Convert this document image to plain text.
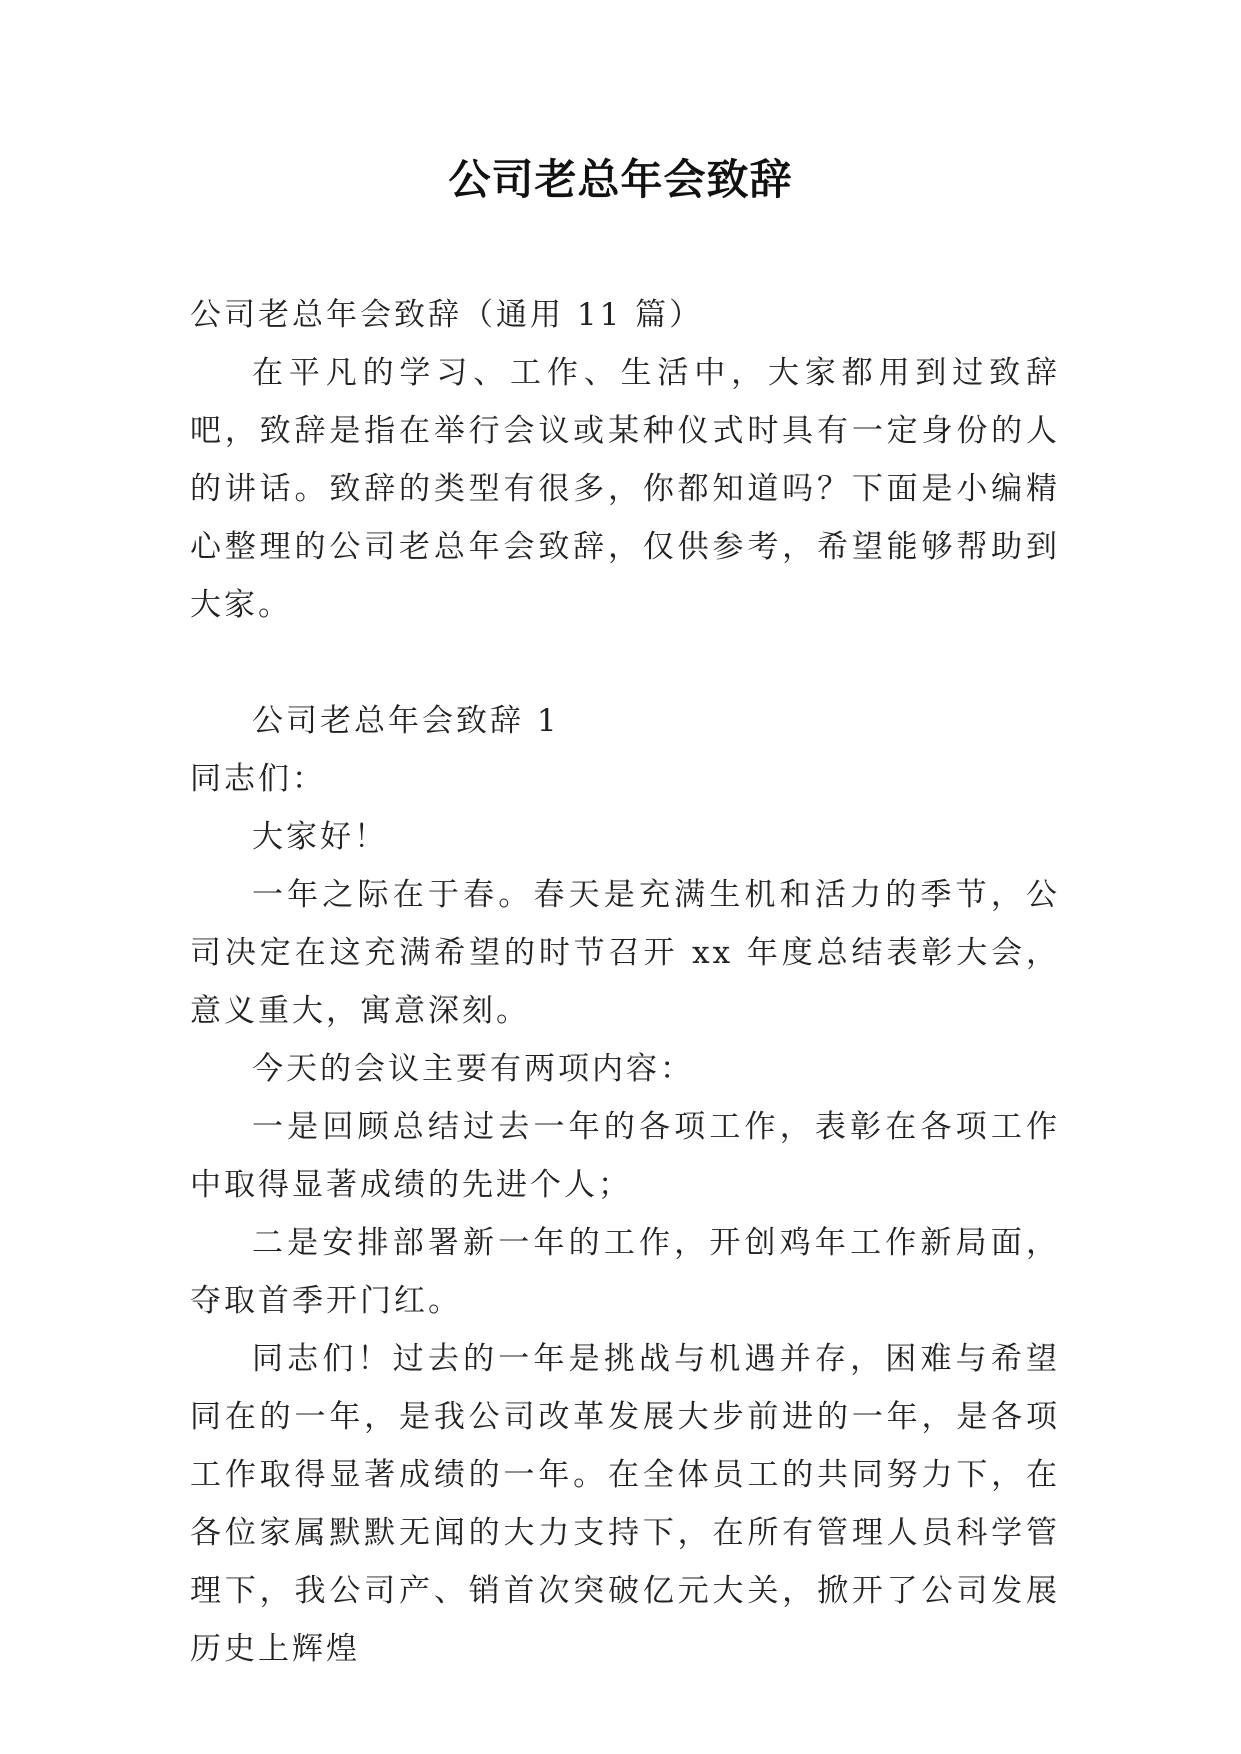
公司老总年会致辞

公司老总年会致辞（通用 11 篇）

在平凡的学习、工作、生活中，大家都用到过致辞吧，致辞是指在举行会议或某种仪式时具有一定身份的人的讲话。致辞的类型有很多，你都知道吗？下面是小编精心整理的公司老总年会致辞，仅供参考，希望能够帮助到大家。

公司老总年会致辞 1

同志们：

大家好！

一年之际在于春。春天是充满生机和活力的季节，公司决定在这充满希望的时节召开 xx 年度总结表彰大会，意义重大，寓意深刻。

今天的会议主要有两项内容：

一是回顾总结过去一年的各项工作，表彰在各项工作中取得显著成绩的先进个人；

二是安排部署新一年的工作，开创鸡年工作新局面，夺取首季开门红。

同志们！过去的一年是挑战与机遇并存，困难与希望同在的一年，是我公司改革发展大步前进的一年，是各项工作取得显著成绩的一年。在全体员工的共同努力下，在各位家属默默无闻的大力支持下，在所有管理人员科学管理下，我公司产、销首次突破亿元大关，掀开了公司发展历史上辉煌
